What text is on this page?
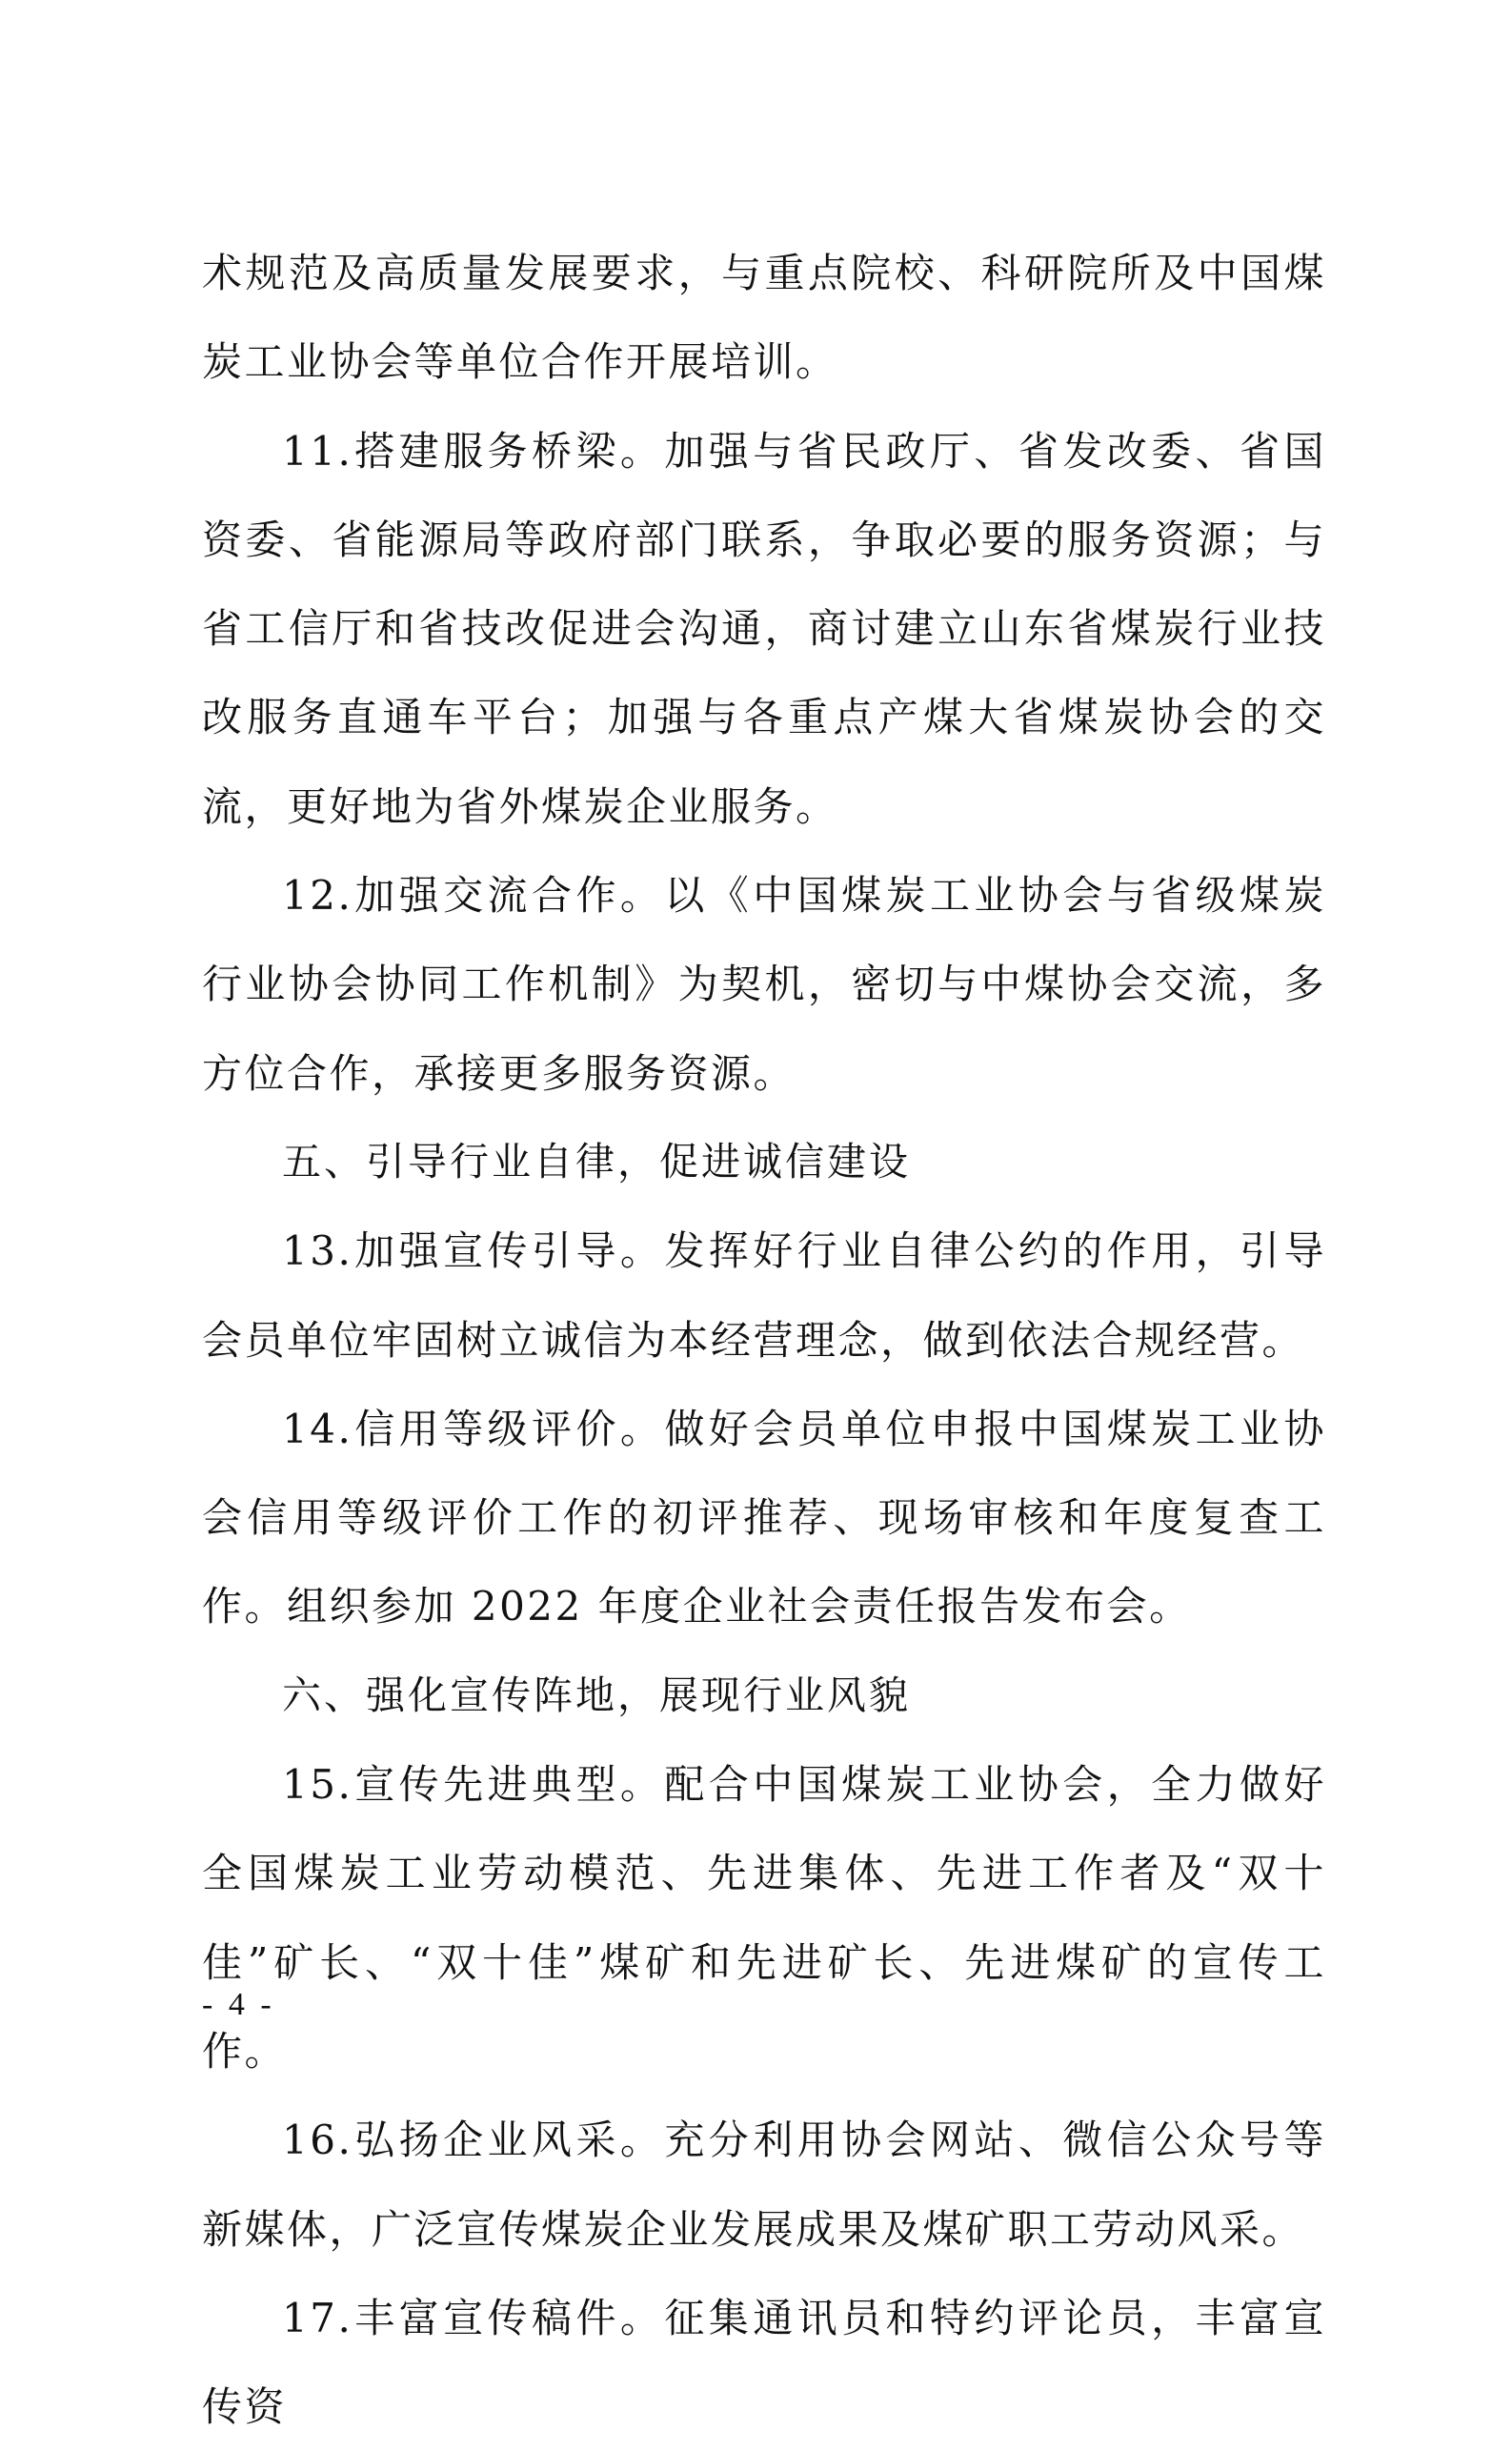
术规范及高质量发展要求，与重点院校、科研院所及中国煤炭工业协会等单位合作开展培训。

11.搭建服务桥梁。加强与省民政厅、省发改委、省国资委、省能源局等政府部门联系，争取必要的服务资源；与省工信厅和省技改促进会沟通，商讨建立山东省煤炭行业技改服务直通车平台；加强与各重点产煤大省煤炭协会的交流，更好地为省外煤炭企业服务。

12.加强交流合作。以《中国煤炭工业协会与省级煤炭行业协会协同工作机制》为契机，密切与中煤协会交流，多方位合作，承接更多服务资源。

五、引导行业自律，促进诚信建设

13.加强宣传引导。发挥好行业自律公约的作用，引导会员单位牢固树立诚信为本经营理念，做到依法合规经营。

14.信用等级评价。做好会员单位申报中国煤炭工业协会信用等级评价工作的初评推荐、现场审核和年度复查工作。组织参加 2022 年度企业社会责任报告发布会。

六、强化宣传阵地，展现行业风貌

15.宣传先进典型。配合中国煤炭工业协会，全力做好全国煤炭工业劳动模范、先进集体、先进工作者及“双十佳”矿长、“双十佳”煤矿和先进矿长、先进煤矿的宣传工作。

16.弘扬企业风采。充分利用协会网站、微信公众号等新媒体，广泛宣传煤炭企业发展成果及煤矿职工劳动风采。

17.丰富宣传稿件。征集通讯员和特约评论员，丰富宣传资

- 4 -
